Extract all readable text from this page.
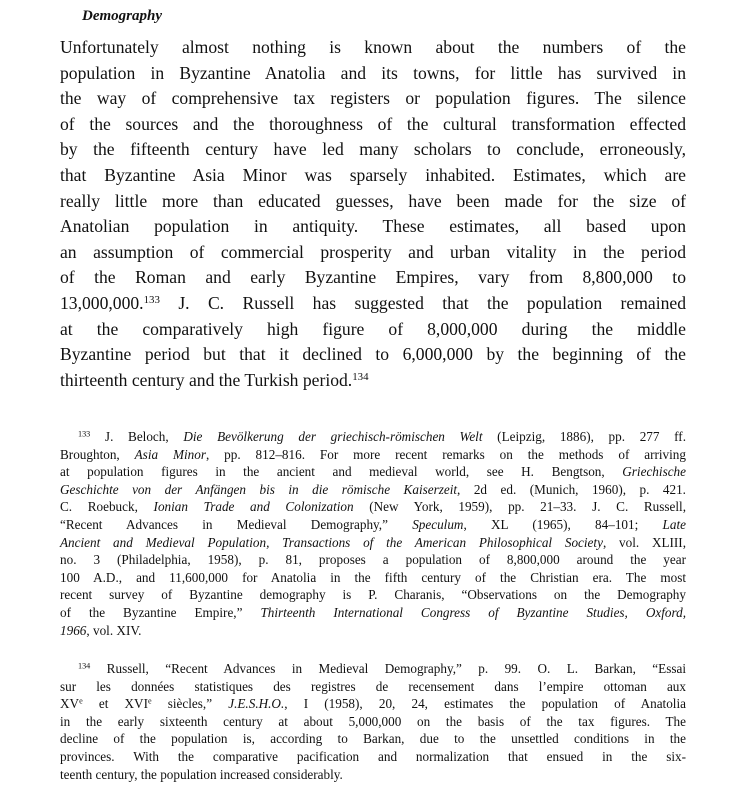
Demography
Unfortunately almost nothing is known about the numbers of the
population in Byzantine Anatolia and its towns, for little has survived in
the way of comprehensive tax registers or population figures. The silence
of the sources and the thoroughness of the cultural transformation effected
by the fifteenth century have led many scholars to conclude, erroneously,
that Byzantine Asia Minor was sparsely inhabited. Estimates, which are
really little more than educated guesses, have been made for the size of
Anatolian population in antiquity. These estimates, all based upon
an assumption of commercial prosperity and urban vitality in the period
of the Roman and early Byzantine Empires, vary from 8,800,000 to
13,000,000.$^{133}$ J. C. Russell has suggested that the population remained
at the comparatively high figure of 8,000,000 during the middle
Byzantine period but that it declined to 6,000,000 by the beginning of the
thirteenth century and the Turkish period.$^{134}$
$^{133}$ J. Beloch, Die Bevölkerung der griechisch-römischen Welt (Leipzig, 1886), pp. 277 ff.
Broughton, Asia Minor, pp. 812–816. For more recent remarks on the methods of arriving
at population figures in the ancient and medieval world, see H. Bengtson, Griechische
Geschichte von der Anfängen bis in die römische Kaiserzeit, 2d ed. (Munich, 1960), p. 421.
C. Roebuck, Ionian Trade and Colonization (New York, 1959), pp. 21–33. J. C. Russell,
“Recent Advances in Medieval Demography,” Speculum, XL (1965), 84–101; Late
Ancient and Medieval Population, Transactions of the American Philosophical Society, vol. XLIII,
no. 3 (Philadelphia, 1958), p. 81, proposes a population of 8,800,000 around the year
100 A.D., and 11,600,000 for Anatolia in the fifth century of the Christian era. The most
recent survey of Byzantine demography is P. Charanis, “Observations on the Demography
of the Byzantine Empire,” Thirteenth International Congress of Byzantine Studies, Oxford,
1966, vol. XIV.
$^{134}$ Russell, “Recent Advances in Medieval Demography,” p. 99. O. L. Barkan, “Essai
sur les données statistiques des registres de recensement dans l’empire ottoman aux
XVe et XVIe siècles,” J.E.S.H.O., I (1958), 20, 24, estimates the population of Anatolia
in the early sixteenth century at about 5,000,000 on the basis of the tax figures. The
decline of the population is, according to Barkan, due to the unsettled conditions in the
provinces. With the comparative pacification and normalization that ensued in the six-
teenth century, the population increased considerably.
